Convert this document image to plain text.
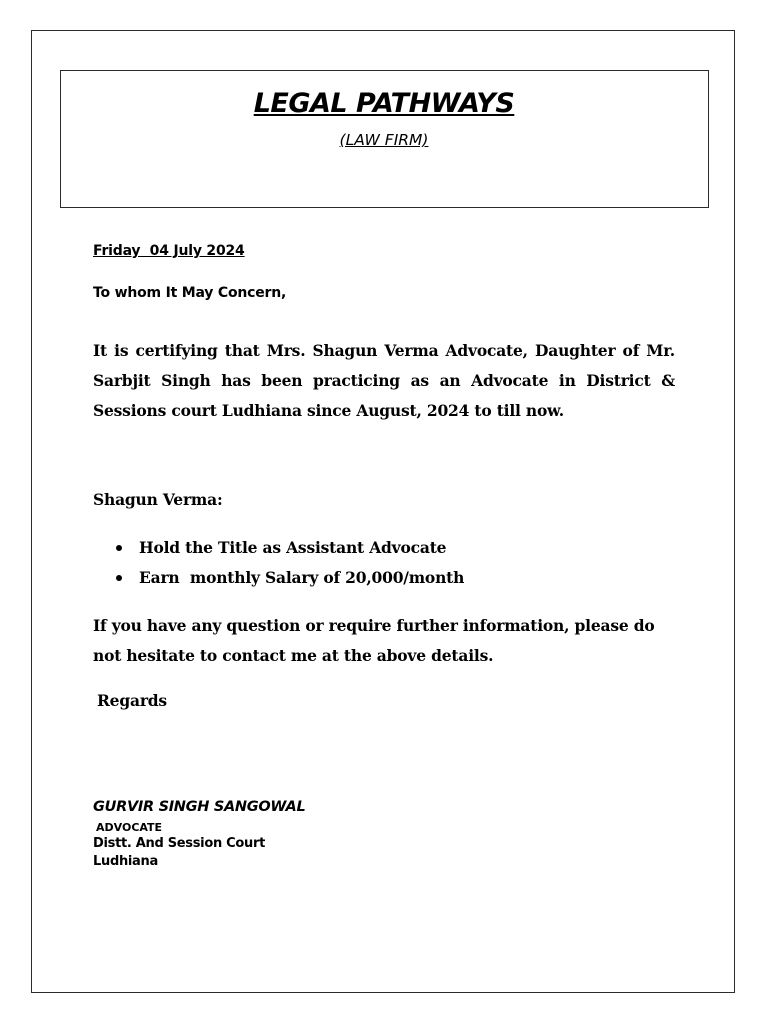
LEGAL PATHWAYS

(LAW FIRM)

Friday  04 July 2024

To whom It May Concern,

It is certifying that Mrs. Shagun Verma Advocate, Daughter of Mr. Sarbjit Singh has been practicing as an Advocate in District & Sessions court Ludhiana since August, 2024 to till now.

Shagun Verma:

Hold the Title as Assistant Advocate
Earn  monthly Salary of 20,000/month

If you have any question or require further information, please do not hesitate to contact me at the above details.

Regards

GURVIR SINGH SANGOWAL

ADVOCATE

Distt. And Session Court

Ludhiana
